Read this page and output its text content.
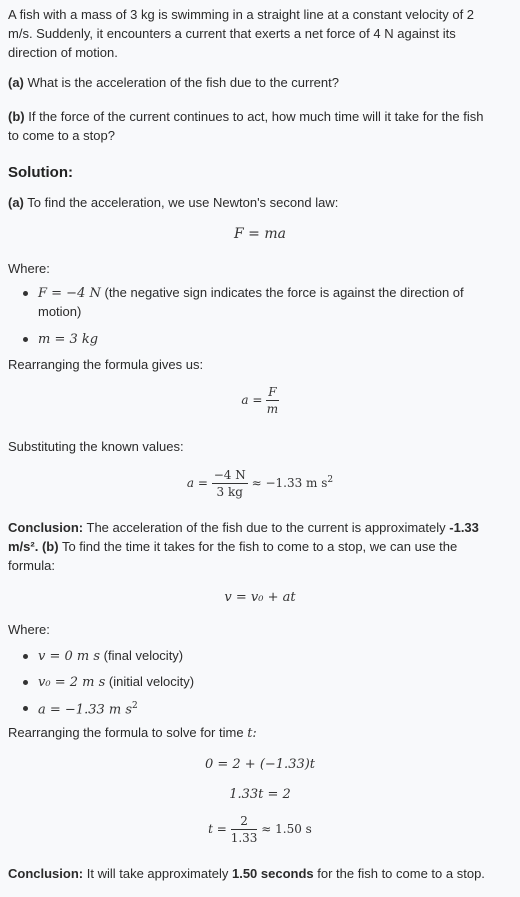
A fish with a mass of 3 kg is swimming in a straight line at a constant velocity of 2
m/s. Suddenly, it encounters a current that exerts a net force of 4 N against its
direction of motion.
(a) What is the acceleration of the fish due to the current?
(b) If the force of the current continues to act, how much time will it take for the fish
to come to a stop?
Solution:
(a) To find the acceleration, we use Newton's second law:
F = ma
Where:
F = −4 N (the negative sign indicates the force is against the direction of
motion)
m = 3 kg
Rearranging the formula gives us:
$a = \frac{F}{m}$
Substituting the known values:
$a = \frac{-4 N}{3 kg} \approx -1.33$ m $s^2$
Conclusion: The acceleration of the fish due to the current is approximately -1.33
m/s². (b) To find the time it takes for the fish to come to a stop, we can use the
formula:
v = v₀ + at
Where:
v = 0 m s (final velocity)
v₀ = 2 m s (initial velocity)
a = −1.33 m $s^2$
Rearranging the formula to solve for time t:
0 = 2 + (−1.33)t
1.33t = 2
$t = \frac{2}{1.33} \approx 1.50$ s
Conclusion: It will take approximately 1.50 seconds for the fish to come to a stop.
